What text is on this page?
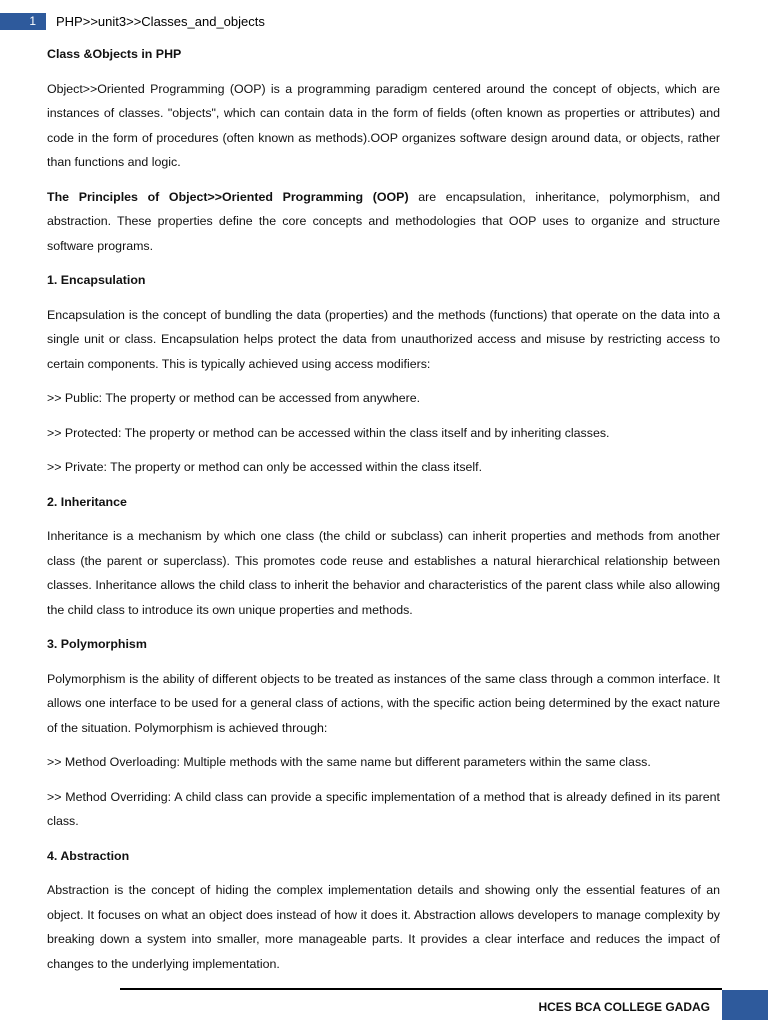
1	PHP>>unit3>>Classes_and_objects
Class &Objects in PHP

Object>>Oriented Programming (OOP) is a programming paradigm centered around the concept of objects, which are instances of classes. "objects", which can contain data in the form of fields (often known as properties or attributes) and code in the form of procedures (often known as methods).OOP organizes software design around data, or objects, rather than functions and logic.

The Principles of Object>>Oriented Programming (OOP) are encapsulation, inheritance, polymorphism, and abstraction. These properties define the core concepts and methodologies that OOP uses to organize and structure software programs.

1. Encapsulation

Encapsulation is the concept of bundling the data (properties) and the methods (functions) that operate on the data into a single unit or class. Encapsulation helps protect the data from unauthorized access and misuse by restricting access to certain components. This is typically achieved using access modifiers:

>> Public: The property or method can be accessed from anywhere.

>> Protected: The property or method can be accessed within the class itself and by inheriting classes.

>> Private: The property or method can only be accessed within the class itself.

2. Inheritance

Inheritance is a mechanism by which one class (the child or subclass) can inherit properties and methods from another class (the parent or superclass). This promotes code reuse and establishes a natural hierarchical relationship between classes. Inheritance allows the child class to inherit the behavior and characteristics of the parent class while also allowing the child class to introduce its own unique properties and methods.

3. Polymorphism

Polymorphism is the ability of different objects to be treated as instances of the same class through a common interface. It allows one interface to be used for a general class of actions, with the specific action being determined by the exact nature of the situation. Polymorphism is achieved through:

>> Method Overloading: Multiple methods with the same name but different parameters within the same class.

>> Method Overriding: A child class can provide a specific implementation of a method that is already defined in its parent class.

4. Abstraction

Abstraction is the concept of hiding the complex implementation details and showing only the essential features of an object. It focuses on what an object does instead of how it does it. Abstraction allows developers to manage complexity by breaking down a system into smaller, more manageable parts. It provides a clear interface and reduces the impact of changes to the underlying implementation.

HCES BCA COLLEGE GADAG
